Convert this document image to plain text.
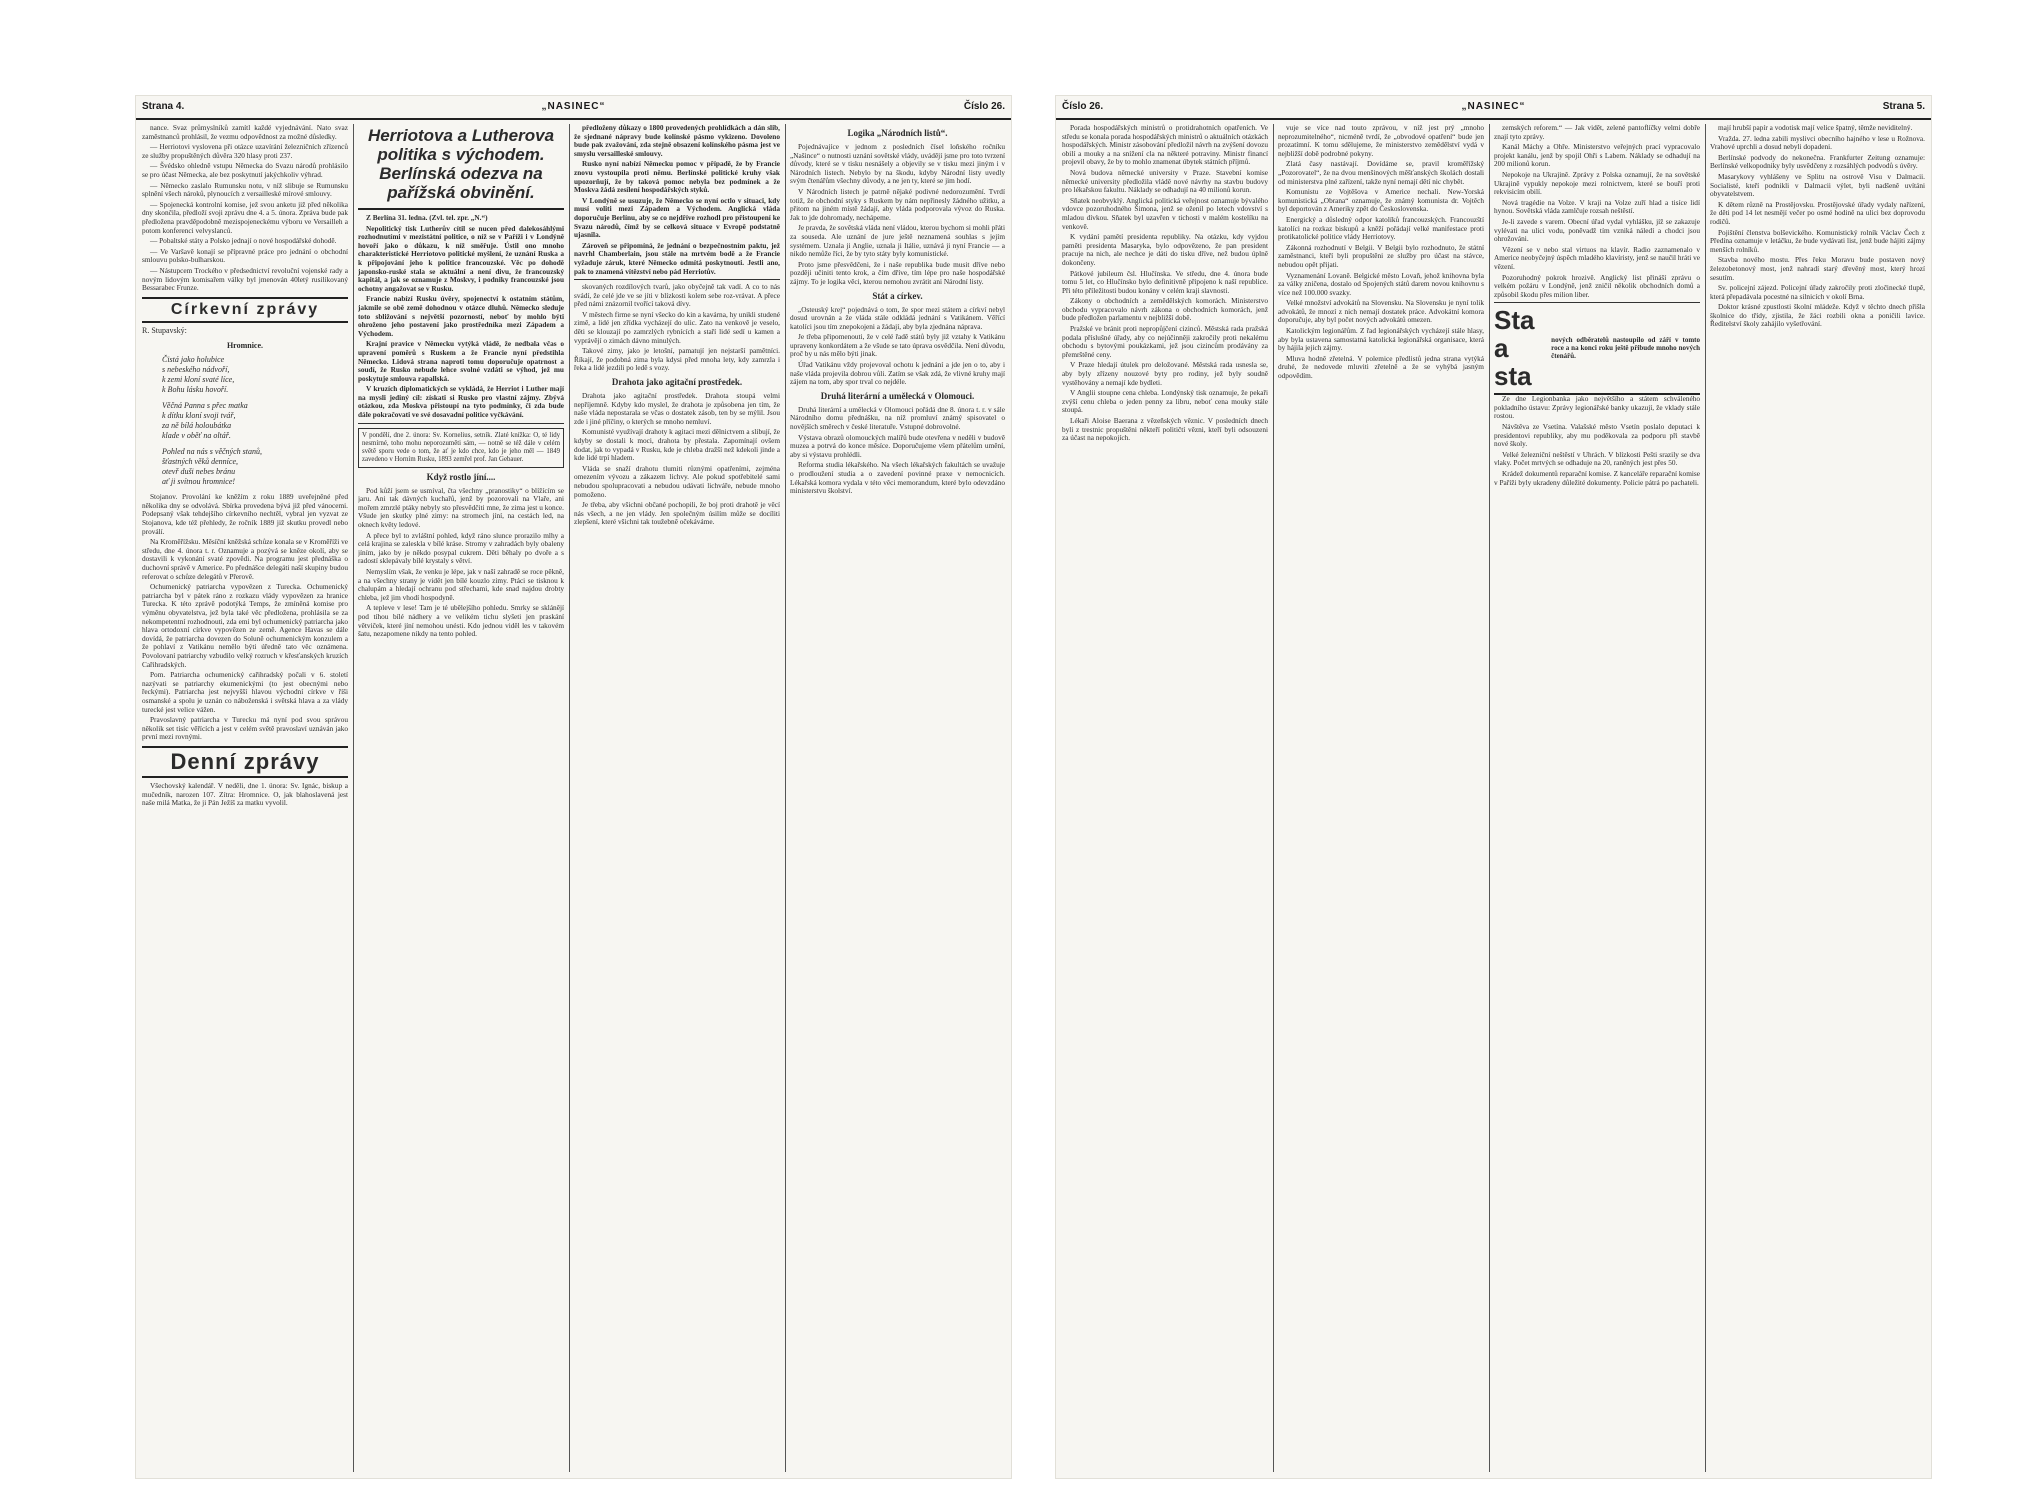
Strana 4.	„NASINEC“	Číslo 26.

nance. Svaz průmyslníků zamítl každé vyjednávání. Nato svaz zaměstnanců prohlásil, že vezmu odpovědnost za možné důsledky.

— Herriotovi vyslovena při otázce uzavírání železničních zřízenců ze služby propuštěných důvěra 320 hlasy proti 237.

— Švédsko ohledně vstupu Německa do Svazu národů prohlásilo se pro účast Německa, ale bez poskytnutí jakýchkoliv výhrad.

— Německo zaslalo Rumunsku notu, v níž slibuje se Rumunsku splnění všech nároků, plynoucích z versailleské mírové smlouvy.

— Spojenecká kontrolní komise, jež svou anketu již před několika dny skončila, předloží svoji zprávu dne 4. a 5. února. Zpráva bude pak předložena pravděpodobně mezispojeneckému výboru ve Versailleh a potom konferenci velvyslanců.

— Pobaltské státy a Polsko jednají o nové hospodářské dohodě.

— Ve Varšavě konají se přípravné práce pro jednání o obchodní smlouvu polsko-bulharskou.

— Nástupcem Trockého v předsednictví revoluční vojenské rady a novým lidovým komisařem války byl jmenován 40letý rusilikovaný Bessarabec Frunze.

Církevní zprávy
R. Stupavský:
Hromnice.
Čistá jako holubice
s nebeského nádvoří,
k zemi kloní svaté líce,
k Bohu lásku hovoří.
Věčná Panna s přec matka
k dítku kloní svoji tvář,
za ně bílá holoubátka
klade v oběť na oltář.
Pohled na nás s věčných stanů,
šťastných věků denníce,
otevř duši nebes bránu
ať ji svítnou hromnice!

Stojanov. Provolání ke kněžím z roku 1889 uveřejněné před několika dny se odvolává. Sbírka provedena bývá již před vánocemi. Podepsaný však tehdejšího církevního nechtěl, vybral jen vyzvat ze Stojanova, kde též přehledy, že ročník 1889 již skutku provedl nebo proválí.

Na Kroměřížsku. Měsíční kněžská schůze konala se v Kroměříži ve středu, dne 4. února t. r. Oznamuje a pozývá se kněze okolí, aby se dostavili k vykonání svaté zpovědi. Na programu jest přednáška o duchovní správě v Americe. Po přednášce delegáti naší skupiny budou referovat o schůze delegátů v Přerově.

Ochumenický patriarcha vypovězen z Turecka. Ochumenický patriarcha byl v pátek ráno z rozkazu vlády vypovězen za hranice Turecka. K této zprávě podotýká Temps, že zmíněná komise pro výměnu obyvatelstva, jež byla také věc předložena, prohlásila se za nekompetentní rozhodnouti, zda emi byl ochumenický patriarcha jako hlava ortodoxní církve vypovězen ze země. Agence Havas se dále dovídá, že patriarcha dovezen do Soluně ochumenickým konzulem a že pohlaví z Vatikánu nemělo býti úředně tato věc oznámena. Povolovaní patriarchy vzbudilo velký rozruch v křesťanských kruzích Cařihradských.

Pom. Patriarcha ochumenický cařihradský počali v 6. století nazývati se patriarchy ekumenickými (to jest obecnými nebo řeckými). Patriarcha jest nejvyšší hlavou východní církve v říši osmanské a spolu je uznán co náboženská i světská hlava a za vlády turecké jest velice vážen.

Pravoslavný patriarcha v Turecku má nyní pod svou správou několik set tisíc věřících a jest v celém světě pravoslaví uznáván jako první mezi rovnými.

Denní zprávy

Všechovský kalendář. V neděli, dne 1. února: Sv. Ignác, biskup a mučedník, narozen 107. Zítra: Hromnice. O, jak blahoslavená jest naše milá Matka, že ji Pán Ježíš za matku vyvolil.

Herriotova a Lutherova politika s východem.
Berlínská odezva na pařížská obvinění.

Z Berlína 31. ledna. (Zvl. tel. zpr. „N.“)

Nepolitický tisk Lutherův cítil se nucen před dalekosáhlými rozhodnutími v mezistátní politice, o níž se v Paříži i v Londýně hovoří jako o důkazu, k níž směřuje. Ústil ono mnoho charakteristické Herriotovo politické myšlení, že uznání Ruska a k připojování jeho k politice francouzské. Věc po dohodě japonsko-ruské stala se aktuální a není divu, že francouzský kapitál, a jak se oznamuje z Moskvy, i podniky francouzské jsou ochotny angažovat se v Rusku.

Francie nabízí Rusku úvěry, spojenectví k ostatním státům, jakmile se obě země dohodnou v otázce dluhů. Německo sleduje toto sbližování s největší pozorností, neboť by mohlo býti ohroženo jeho postavení jako prostředníka mezi Západem a Východem.

Krajní pravice v Německu vytýká vládě, že nedbala včas o upravení poměrů s Ruskem a že Francie nyní předstihla Německo. Lidová strana naproti tomu doporučuje opatrnost a soudí, že Rusko nebude lehce svolné vzdáti se výhod, jež mu poskytuje smlouva rapallská.

V kruzích diplomatických se vykládá, že Herriot i Luther mají na mysli jediný cíl: získati si Rusko pro vlastní zájmy. Zbývá otázkou, zda Moskva přistoupí na tyto podmínky, či zda bude dále pokračovati ve své dosavadní politice vyčkávání.

V pondělí, dne 2. února: Sv. Kornelius, setník. Zlaté knížka: O, té lidy nesmírné, toho mohu neporozuměti sám, — notně se též dále v celém světě sporu vede o tom, že ať je kdo chce, kdo je jeho měl — 1849 zavedeno v Horním Rusku, 1893 zemřel prof. Jan Gebauer.
Když rostlo jíní....

Pod kůží jsem se usmíval, čta všechny „pranostiky“ o blížícím se jaru. Ani tak dávných kuchařů, jenž by pozorovali na Vlaře, ani mořem zmrzlé ptáky nebyly sto přesvědčiti mne, že zima jest u konce. Všude jen skutky plné zimy: na stromech jíní, na cestách led, na oknech květy ledové.

A přece byl to zvláštní pohled, když ráno slunce prorazilo mlhy a celá krajina se zaleskla v bílé kráse. Stromy v zahradách byly obaleny jíním, jako by je někdo posypal cukrem. Děti běhaly po dvoře a s radostí sklepávaly bílé krystaly s větví.

Nemyslím však, že venku je lépe, jak v naší zahradě se roce pěkně, a na všechny strany je vidět jen bílé kouzlo zimy. Ptáci se tisknou k chalupám a hledají ochranu pod střechami, kde snad najdou drobty chleba, jež jim vhodí hospodyně.

A tepleve v lese! Tam je té ubělejšího pohledu. Smrky se sklánějí pod tíhou bílé nádhery a ve velikém tichu slyšeti jen praskání větviček, které jíní nemohou unésti. Kdo jednou viděl les v takovém šatu, nezapomene nikdy na tento pohled.

předloženy důkazy o 1800 provedených prohlídkách a dán slib, že sjednané nápravy bude kolínské pásmo vykizeno. Dovoleno bude pak zvažování, zda stejně obsazení kolínského pásma jest ve smyslu versailleské smlouvy.

Rusko nyní nabízí Německu pomoc v případě, že by Francie znovu vystoupila proti němu. Berlínské politické kruhy však upozorňují, že by taková pomoc nebyla bez podmínek a že Moskva žádá zesílení hospodářských styků.

V Londýně se usuzuje, že Německo se nyní octlo v situaci, kdy musí voliti mezi Západem a Východem. Anglická vláda doporučuje Berlínu, aby se co nejdříve rozhodl pro přistoupení ke Svazu národů, čímž by se celková situace v Evropě podstatně ujasnila.

Zároveň se připomíná, že jednání o bezpečnostním paktu, jež navrhl Chamberlain, jsou stále na mrtvém bodě a že Francie vyžaduje záruk, které Německo odmítá poskytnouti. Jestli ano, pak to znamená vítězství nebo pád Herriotův.

skovaných rozdílových tvarů, jako obyčejně tak vadí. A co to nás svádí, že celé jde ve se jíti v blízkosti kolem sebe roz-vrávat. A přece před námi znázornil tvořící taková dívy.

V městech firme se nyní všecko do kin a kavárna, hy unikli studené zimě, a lidé jen zřídka vycházejí do ulic. Zato na venkově je veselo, děti se klouzají po zamrzlých rybnících a staří lidé sedí u kamen a vyprávějí o zimách dávno minulých.

Takové zimy, jako je letošní, pamatují jen nejstarší pamětníci. Říkají, že podobná zima byla kdysi před mnoha lety, kdy zamrzla i řeka a lidé jezdili po ledě s vozy.

Drahota jako agitační prostředek.

Drahota jako agitační prostředek. Drahota stoupá velmi nepříjemně. Kdyby kdo myslel, že drahota je způsobena jen tím, že naše vláda nepostarala se včas o dostatek zásob, ten by se mýlil. Jsou zde i jiné příčiny, o kterých se mnoho nemluví.

Komunisté využívají drahoty k agitaci mezi dělnictvem a slibují, že kdyby se dostali k moci, drahota by přestala. Zapomínají ovšem dodat, jak to vypadá v Rusku, kde je chleba dražší než kdekoli jinde a kde lidé trpí hladem.

Vláda se snaží drahotu tlumiti různými opatřeními, zejména omezením vývozu a zákazem lichvy. Ale pokud spotřebitelé sami nebudou spolupracovati a nebudou udávati lichváře, nebude mnoho pomoženo.

Je třeba, aby všichni občané pochopili, že boj proti drahotě je věcí nás všech, a ne jen vlády. Jen společným úsilím může se docíliti zlepšení, které všichni tak toužebně očekáváme.

Logika „Národních listů“.

Pojednávajíce v jednom z posledních čísel loňského ročníku „Našince“ o nutnosti uznání sovětské vlády, uvádějí jsme pro toto tvrzení důvody, které se v tisku nesnášely a objevily se v tisku mezi jiným i v Národních listech. Nebylo by na škodu, kdyby Národní listy uvedly svým čtenářům všechny důvody, a ne jen ty, které se jim hodí.

V Národních listech je patrně nějaké podivné nedorozumění. Tvrdí totiž, že obchodní styky s Ruskem by nám nepřinesly žádného užitku, a přitom na jiném místě žádají, aby vláda podporovala vývoz do Ruska. Jak to jde dohromady, nechápeme.

Je pravda, že sovětská vláda není vládou, kterou bychom si mohli přáti za souseda. Ale uznání de jure ještě neznamená souhlas s jejím systémem. Uznala ji Anglie, uznala ji Itálie, uznává ji nyní Francie — a nikdo nemůže říci, že by tyto státy byly komunistické.

Proto jsme přesvědčeni, že i naše republika bude musit dříve nebo později učiniti tento krok, a čím dříve, tím lépe pro naše hospodářské zájmy. To je logika věci, kterou nemohou zvrátit ani Národní listy.

Stát a církev.

„Osteuský krej“ pojednává o tom, že spor mezi státem a církví nebyl dosud urovnán a že vláda stále odkládá jednání s Vatikánem. Věřící katolíci jsou tím znepokojeni a žádají, aby byla zjednána náprava.

Je třeba připomenouti, že v celé řadě států byly již vztahy k Vatikánu upraveny konkordátem a že všude se tato úprava osvědčila. Není důvodu, proč by u nás mělo býti jinak.

Úřad Vatikánu vždy projevoval ochotu k jednání a jde jen o to, aby i naše vláda projevila dobrou vůli. Zatím se však zdá, že vlivné kruhy mají zájem na tom, aby spor trval co nejdéle.

Druhá literární a umělecká v Olomouci.

Druhá literární a umělecká v Olomouci pořádá dne 8. února t. r. v sále Národního domu přednášku, na níž promluví známý spisovatel o novějších směrech v české literatuře. Vstupné dobrovolné.

Výstava obrazů olomouckých malířů bude otevřena v neděli v budově muzea a potrvá do konce měsíce. Doporučujeme všem přátelům umění, aby si výstavu prohlédli.

Reforma studia lékařského. Na všech lékařských fakultách se uvažuje o prodloužení studia a o zavedení povinné praxe v nemocnicích. Lékařská komora vydala v této věci memorandum, které bylo odevzdáno ministerstvu školství.

Číslo 26.	„NASINEC“	Strana 5.

Porada hospodářských ministrů o protidrahotních opatřeních. Ve středu se konala porada hospodářských ministrů o aktuálních otázkách hospodářských. Ministr zásobování předložil návrh na zvýšení dovozu obilí a mouky a na snížení cla na některé potraviny. Ministr financí projevil obavy, že by to mohlo znamenat úbytek státních příjmů.

Nová budova německé university v Praze. Stavební komise německé university předložila vládě nové návrhy na stavbu budovy pro lékařskou fakultu. Náklady se odhadují na 40 milionů korun.

Sňatek neobvyklý. Anglická politická veřejnost oznamuje bývalého vdovce pozoruhodného Šimona, jenž se oženil po letech vdovství s mladou dívkou. Sňatek byl uzavřen v tichosti v malém kostelíku na venkově.

K vydání pamětí presidenta republiky. Na otázku, kdy vyjdou paměti presidenta Masaryka, bylo odpovězeno, že pan president pracuje na nich, ale nechce je dáti do tisku dříve, než budou úplně dokončeny.

Pátkové jubileum čsl. Hlučínska. Ve středu, dne 4. února bude tomu 5 let, co Hlučínsko bylo definitivně připojeno k naší republice. Při této příležitosti budou konány v celém kraji slavnosti.

Zákony o obchodních a zemědělských komorách. Ministerstvo obchodu vypracovalo návrh zákona o obchodních komorách, jenž bude předložen parlamentu v nejbližší době.

Pražské ve bránit proti nepropůjčení cizinců. Městská rada pražská podala příslušné úřady, aby co nejúčinněji zakročily proti nekalému obchodu s bytovými poukázkami, jež jsou cizincům prodávány za přemrštěné ceny.

V Praze hledají útulek pro deložované. Městská rada usnesla se, aby byly zřízeny nouzové byty pro rodiny, jež byly soudně vystěhovány a nemají kde bydleti.

V Anglii stoupne cena chleba. Londýnský tisk oznamuje, že pekaři zvýší cenu chleba o jeden penny za libru, neboť cena mouky stále stoupá.

Lékaři Aloise Baerana z vězeňských věznic. V posledních dnech byli z trestnic propuštěni někteří političtí vězni, kteří byli odsouzeni za účast na nepokojích.

vuje se více nad touto zprávou, v níž jest prý „mnoho neprozumitelného“, nicméně tvrdí, že „obvodové opatření“ bude jen prozatímní. K tomu sdělujeme, že ministerstvo zemědělství vydá v nejbližší době podrobné pokyny.

Zlatá časy nastávají. Dovídáme se, pravil kroměřížský „Pozorovatel“, že na dvou menšinových měšťanských školách dostali od ministerstva plné zařízení, takže nyní nemají dětí nic chybět.

Komunistu ze Vojtěšova v Americe nechali. New-Yorská komunistická „Obrana“ oznamuje, že známý komunista dr. Vojtěch byl deportován z Ameriky zpět do Československa.

Energický a důsledný odpor katolíků francouzských. Francouzští katolíci na rozkaz biskupů a kněží pořádají velké manifestace proti protikatolické politice vlády Herriotovy.

Zákonná rozhodnutí v Belgii. V Belgii bylo rozhodnuto, že státní zaměstnanci, kteří byli propuštěni ze služby pro účast na stávce, nebudou opět přijati.

Vyznamenání Lovaně. Belgické město Lovaň, jehož knihovna byla za války zničena, dostalo od Spojených států darem novou knihovnu s více než 100.000 svazky.

Velké množství advokátů na Slovensku. Na Slovensku je nyní tolik advokátů, že mnozí z nich nemají dostatek práce. Advokátní komora doporučuje, aby byl počet nových advokátů omezen.

Katolickým legionářům. Z řad legionářských vycházejí stále hlasy, aby byla ustavena samostatná katolická legionářská organisace, která by hájila jejich zájmy.

Mluva hodně zřetelná. V polemice předlistů jedna strana vytýká druhé, že nedovede mluviti zřetelně a že se vyhýbá jasným odpovědím.

zemských reforem.“ — Jak vidět, zelené pantoflíčky velmi dobře znají tyto zprávy.

Kanál Máchy a Ohře. Ministerstvo veřejných prací vypracovalo projekt kanálu, jenž by spojil Ohři s Labem. Náklady se odhadují na 200 milionů korun.

Nepokoje na Ukrajině. Zprávy z Polska oznamují, že na sovětské Ukrajině vypukly nepokoje mezi rolnictvem, které se bouří proti rekvisicím obilí.

Nová tragédie na Volze. V kraji na Volze zuří hlad a tisíce lidí hynou. Sovětská vláda zamlčuje rozsah neštěstí.

Je-li zavede s varem. Obecní úřad vydal vyhlášku, jíž se zakazuje vylévati na ulici vodu, poněvadž tím vzniká náledí a chodci jsou ohrožováni.

Vězení se v nebo stal virtuos na klavír. Radio zaznamenalo v Americe neobyčejný úspěch mladého klavíristy, jenž se naučil hráti ve vězení.

Pozoruhodný pokrok hrozivě. Anglický list přináší zprávu o velkém požáru v Londýně, jenž zničil několik obchodních domů a způsobil škodu přes milion liber.

Sta a sta
nových odběratelů nastoupilo od září v tomto roce a na konci roku ještě přibude mnoho nových čtenářů.

Ze dne Legionbanka jako největšího a státem schváleného pokladního ústavu: Zprávy legionářské banky ukazují, že vklady stále rostou.

Návštěva ze Vsetína. Valašské město Vsetín poslalo deputaci k presidentovi republiky, aby mu poděkovala za podporu při stavbě nové školy.

Velké železniční neštěstí v Uhrách. V blízkosti Pešti srazily se dva vlaky. Počet mrtvých se odhaduje na 20, raněných jest přes 50.

Krádež dokumentů reparační komise. Z kanceláře reparační komise v Paříži byly ukradeny důležité dokumenty. Policie pátrá po pachateli.

mají hrubší papír a vodotisk mají velice špatný, těmže neviditelný.

Vražda. 27. ledna zabili myslivci obecního hajného v lese u Rožnova. Vrahové uprchli a dosud nebyli dopadeni.

Berlínské podvody do nekonečna. Frankfurter Zeitung oznamuje: Berlínské velkopodniky byly usvědčeny z rozsáhlých podvodů s úvěry.

Masarykovy vyhlášeny ve Splitu na ostrově Visu v Dalmacii. Socialisté, kteří podnikli v Dalmacii výlet, byli nadšeně uvítáni obyvatelstvem.

K dětem různě na Prostějovsku. Prostějovské úřady vydaly nařízení, že děti pod 14 let nesmějí večer po osmé hodině na ulici bez doprovodu rodičů.

Pojištění členstva bolševického. Komunistický rolník Václav Čech z Předína oznamuje v letáčku, že bude vydávati list, jenž bude hájiti zájmy menších rolníků.

Stavba nového mostu. Přes řeku Moravu bude postaven nový železobetonový most, jenž nahradí starý dřevěný most, který hrozí sesutím.

Sv. policejní zájezd. Policejní úřady zakročily proti zločinecké tlupě, která přepadávala pocestné na silnicích v okolí Brna.

Doktor krásné zpustlosti školní mládeže. Když v těchto dnech přišla školnice do třídy, zjistila, že žáci rozbili okna a poničili lavice. Ředitelství školy zahájilo vyšetřování.
